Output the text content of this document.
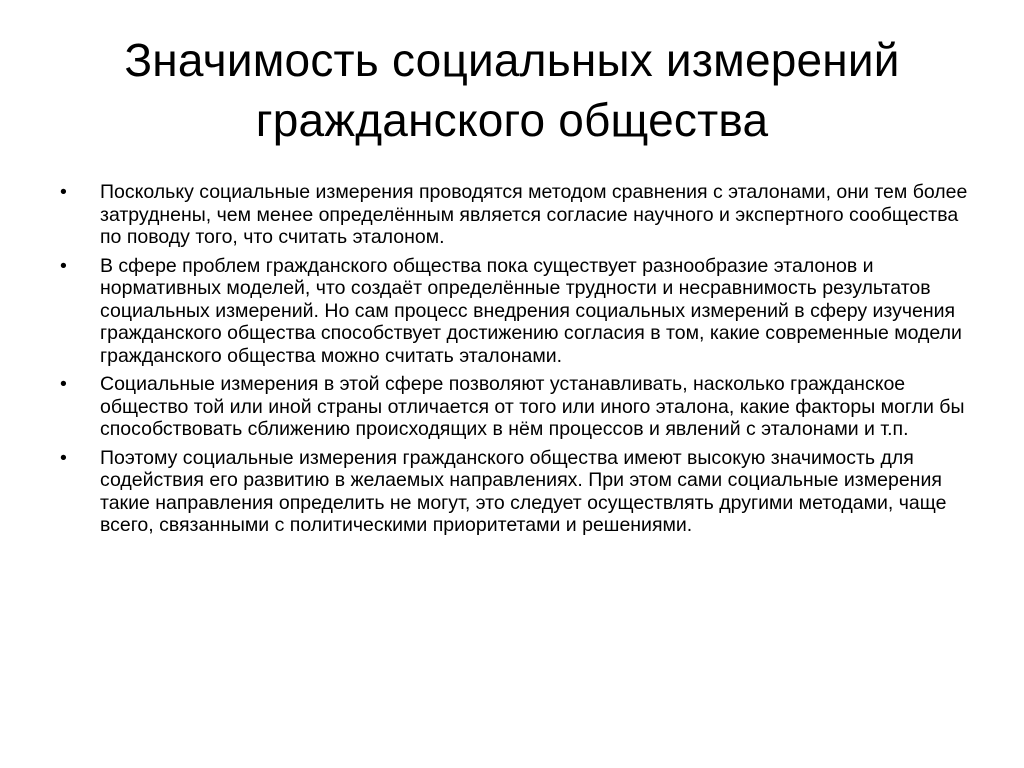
Значимость социальных измерений гражданского общества
•	Поскольку социальные измерения проводятся методом сравнения с эталонами, они тем более затруднены, чем менее определённым является согласие научного и экспертного сообщества по поводу того, что считать эталоном.
•	В сфере проблем гражданского общества пока существует разнообразие эталонов и нормативных моделей, что создаёт определённые трудности и несравнимость результатов социальных измерений. Но сам процесс внедрения социальных измерений в сферу изучения гражданского общества способствует достижению согласия в том, какие современные модели гражданского общества можно считать эталонами.
•	Социальные измерения в этой сфере позволяют устанавливать, насколько гражданское общество той или иной страны отличается от того или иного эталона, какие факторы могли бы способствовать сближению происходящих в нём процессов и явлений с эталонами и т.п.
•	Поэтому социальные измерения гражданского общества имеют высокую значимость для содействия его развитию в желаемых направлениях. При этом сами социальные измерения такие направления определить не могут, это следует осуществлять другими методами, чаще всего, связанными с политическими приоритетами и решениями.
